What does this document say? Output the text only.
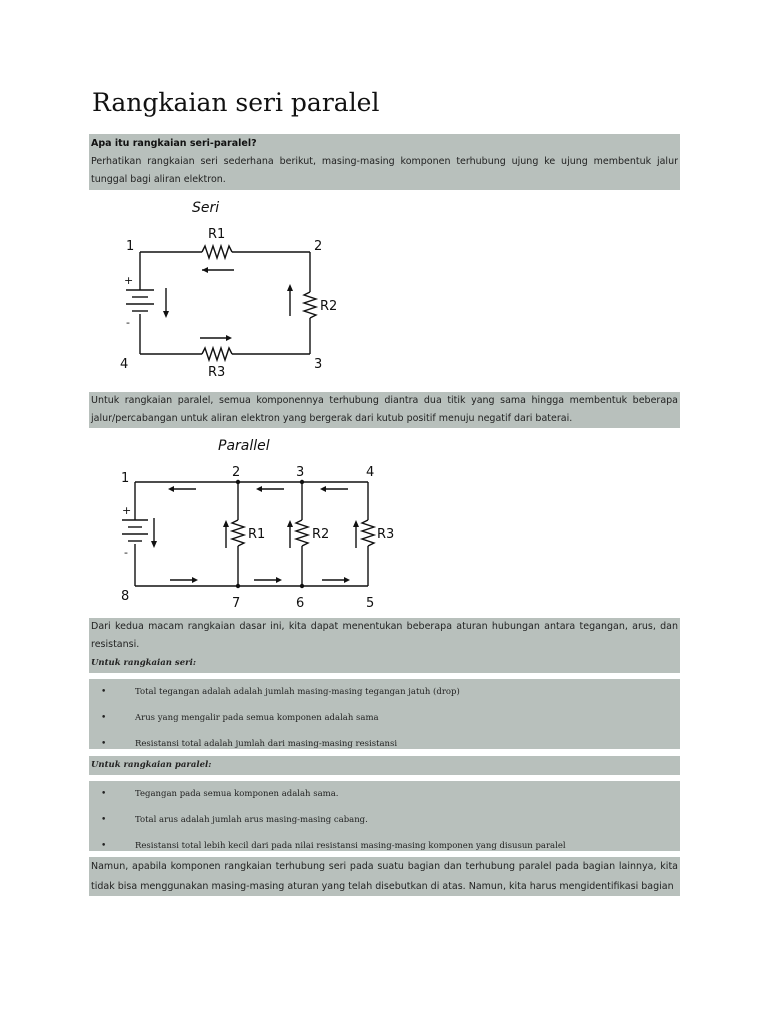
Rangkaian seri paralel
Apa itu rangkaian seri-paralel?
Perhatikan rangkaian seri sederhana berikut, masing-masing komponen terhubung ujung ke ujung membentuk jalur tunggal bagi aliran elektron.
Seri
R1
R2
R3
1	2
3
4
+
-
Untuk rangkaian paralel, semua komponennya terhubung diantra dua titik yang sama hingga membentuk beberapa jalur/percabangan untuk aliran elektron yang bergerak dari kutub positif menuju negatif dari baterai.
Parallel
R1	R2	R3
1	2	3	4
5
6
7
8
+
-
Dari kedua macam rangkaian dasar ini, kita dapat menentukan beberapa aturan hubungan antara tegangan, arus, dan resistansi.
Untuk rangkaian seri:
•	Total tegangan adalah adalah jumlah masing-masing tegangan jatuh (drop)
•	Arus yang mengalir pada semua komponen adalah sama
•	Resistansi total adalah jumlah dari masing-masing resistansi
Untuk rangkaian paralel:
•	Tegangan pada semua komponen adalah sama.
•	Total arus adalah jumlah arus masing-masing cabang.
•	Resistansi total lebih kecil dari pada nilai resistansi masing-masing komponen yang disusun paralel
Namun, apabila komponen rangkaian terhubung seri pada suatu bagian dan terhubung paralel pada bagian lainnya, kita tidak bisa menggunakan masing-masing aturan yang telah disebutkan di atas. Namun, kita harus mengidentifikasi bagian
